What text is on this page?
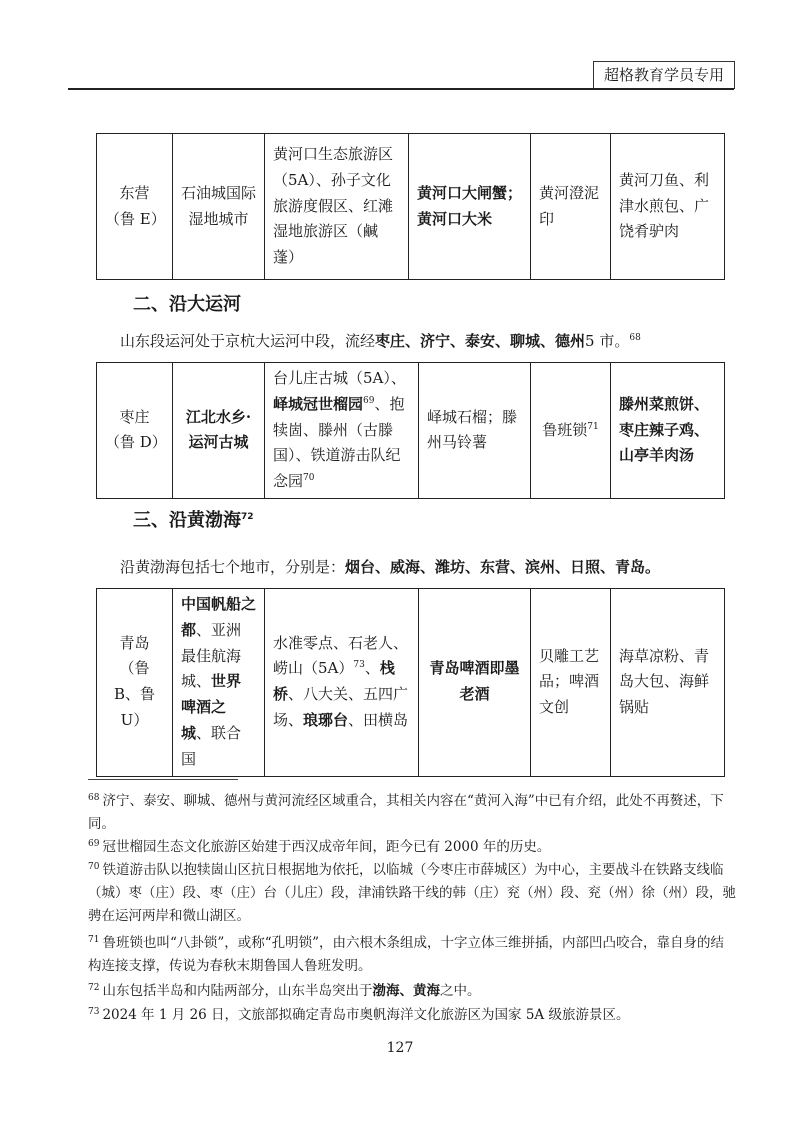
超格教育学员专用
东营
（鲁 E）	石油城国际湿地城市	黄河口生态旅游区（5A）、孙子文化旅游度假区、红滩湿地旅游区（鹹蓬）	黄河口大闸蟹；黄河口大米	黄河澄泥印	黄河刀鱼、利津水煎包、广饶肴驴肉
二、沿大运河
山东段运河处于京杭大运河中段，流经枣庄、济宁、泰安、聊城、德州5 市。$^{68}$
枣庄
（鲁 D）	江北水乡·运河古城	台儿庄古城（5A）、峄城冠世榴园$^{69}$、抱犊崮、滕州（古滕国）、铁道游击队纪念园$^{70}$	峄城石榴；滕州马铃薯	鲁班锁$^{71}$	滕州菜煎饼、枣庄辣子鸡、山亭羊肉汤
三、沿黄渤海$^{72}$
沿黄渤海包括七个地市，分别是：烟台、威海、潍坊、东营、滨州、日照、青岛。
青岛
（鲁 B、鲁 U）	中国帆船之都、亚洲最佳航海城、世界啤酒之城、联合国	水准零点、石老人、崂山$(5A)^{73}$、栈桥、八大关、五四广场、琅琊台、田横岛	青岛啤酒即墨老酒	贝雕工艺品；啤酒文创	海草凉粉、青岛大包、海鲜锅贴
$^{68}$ 济宁、泰安、聊城、德州与黄河流经区域重合，其相关内容在“黄河入海”中已有介绍，此处不再赘述，下同。
$^{69}$ 冠世榴园生态文化旅游区始建于西汉成帝年间，距今已有 2000 年的历史。
$^{70}$ 铁道游击队以抱犊崮山区抗日根据地为依托，以临城（今枣庄市薛城区）为中心，主要战斗在铁路支线临（城）枣（庄）段、枣（庄）台（儿庄）段，津浦铁路干线的韩（庄）兖（州）段、兖（州）徐（州）段，驰骋在运河两岸和微山湖区。
$^{71}$ 鲁班锁也叫“八卦锁”，或称“孔明锁”，由六根木条组成，十字立体三维拼插，内部凹凸咬合，靠自身的结构连接支撑，传说为春秋末期鲁国人鲁班发明。
$^{72}$ 山东包括半岛和内陆两部分，山东半岛突出于渤海、黄海之中。
$^{73}$ 2024 年 1 月 26 日，文旅部拟确定青岛市奥帆海洋文化旅游区为国家 5A 级旅游景区。
127
